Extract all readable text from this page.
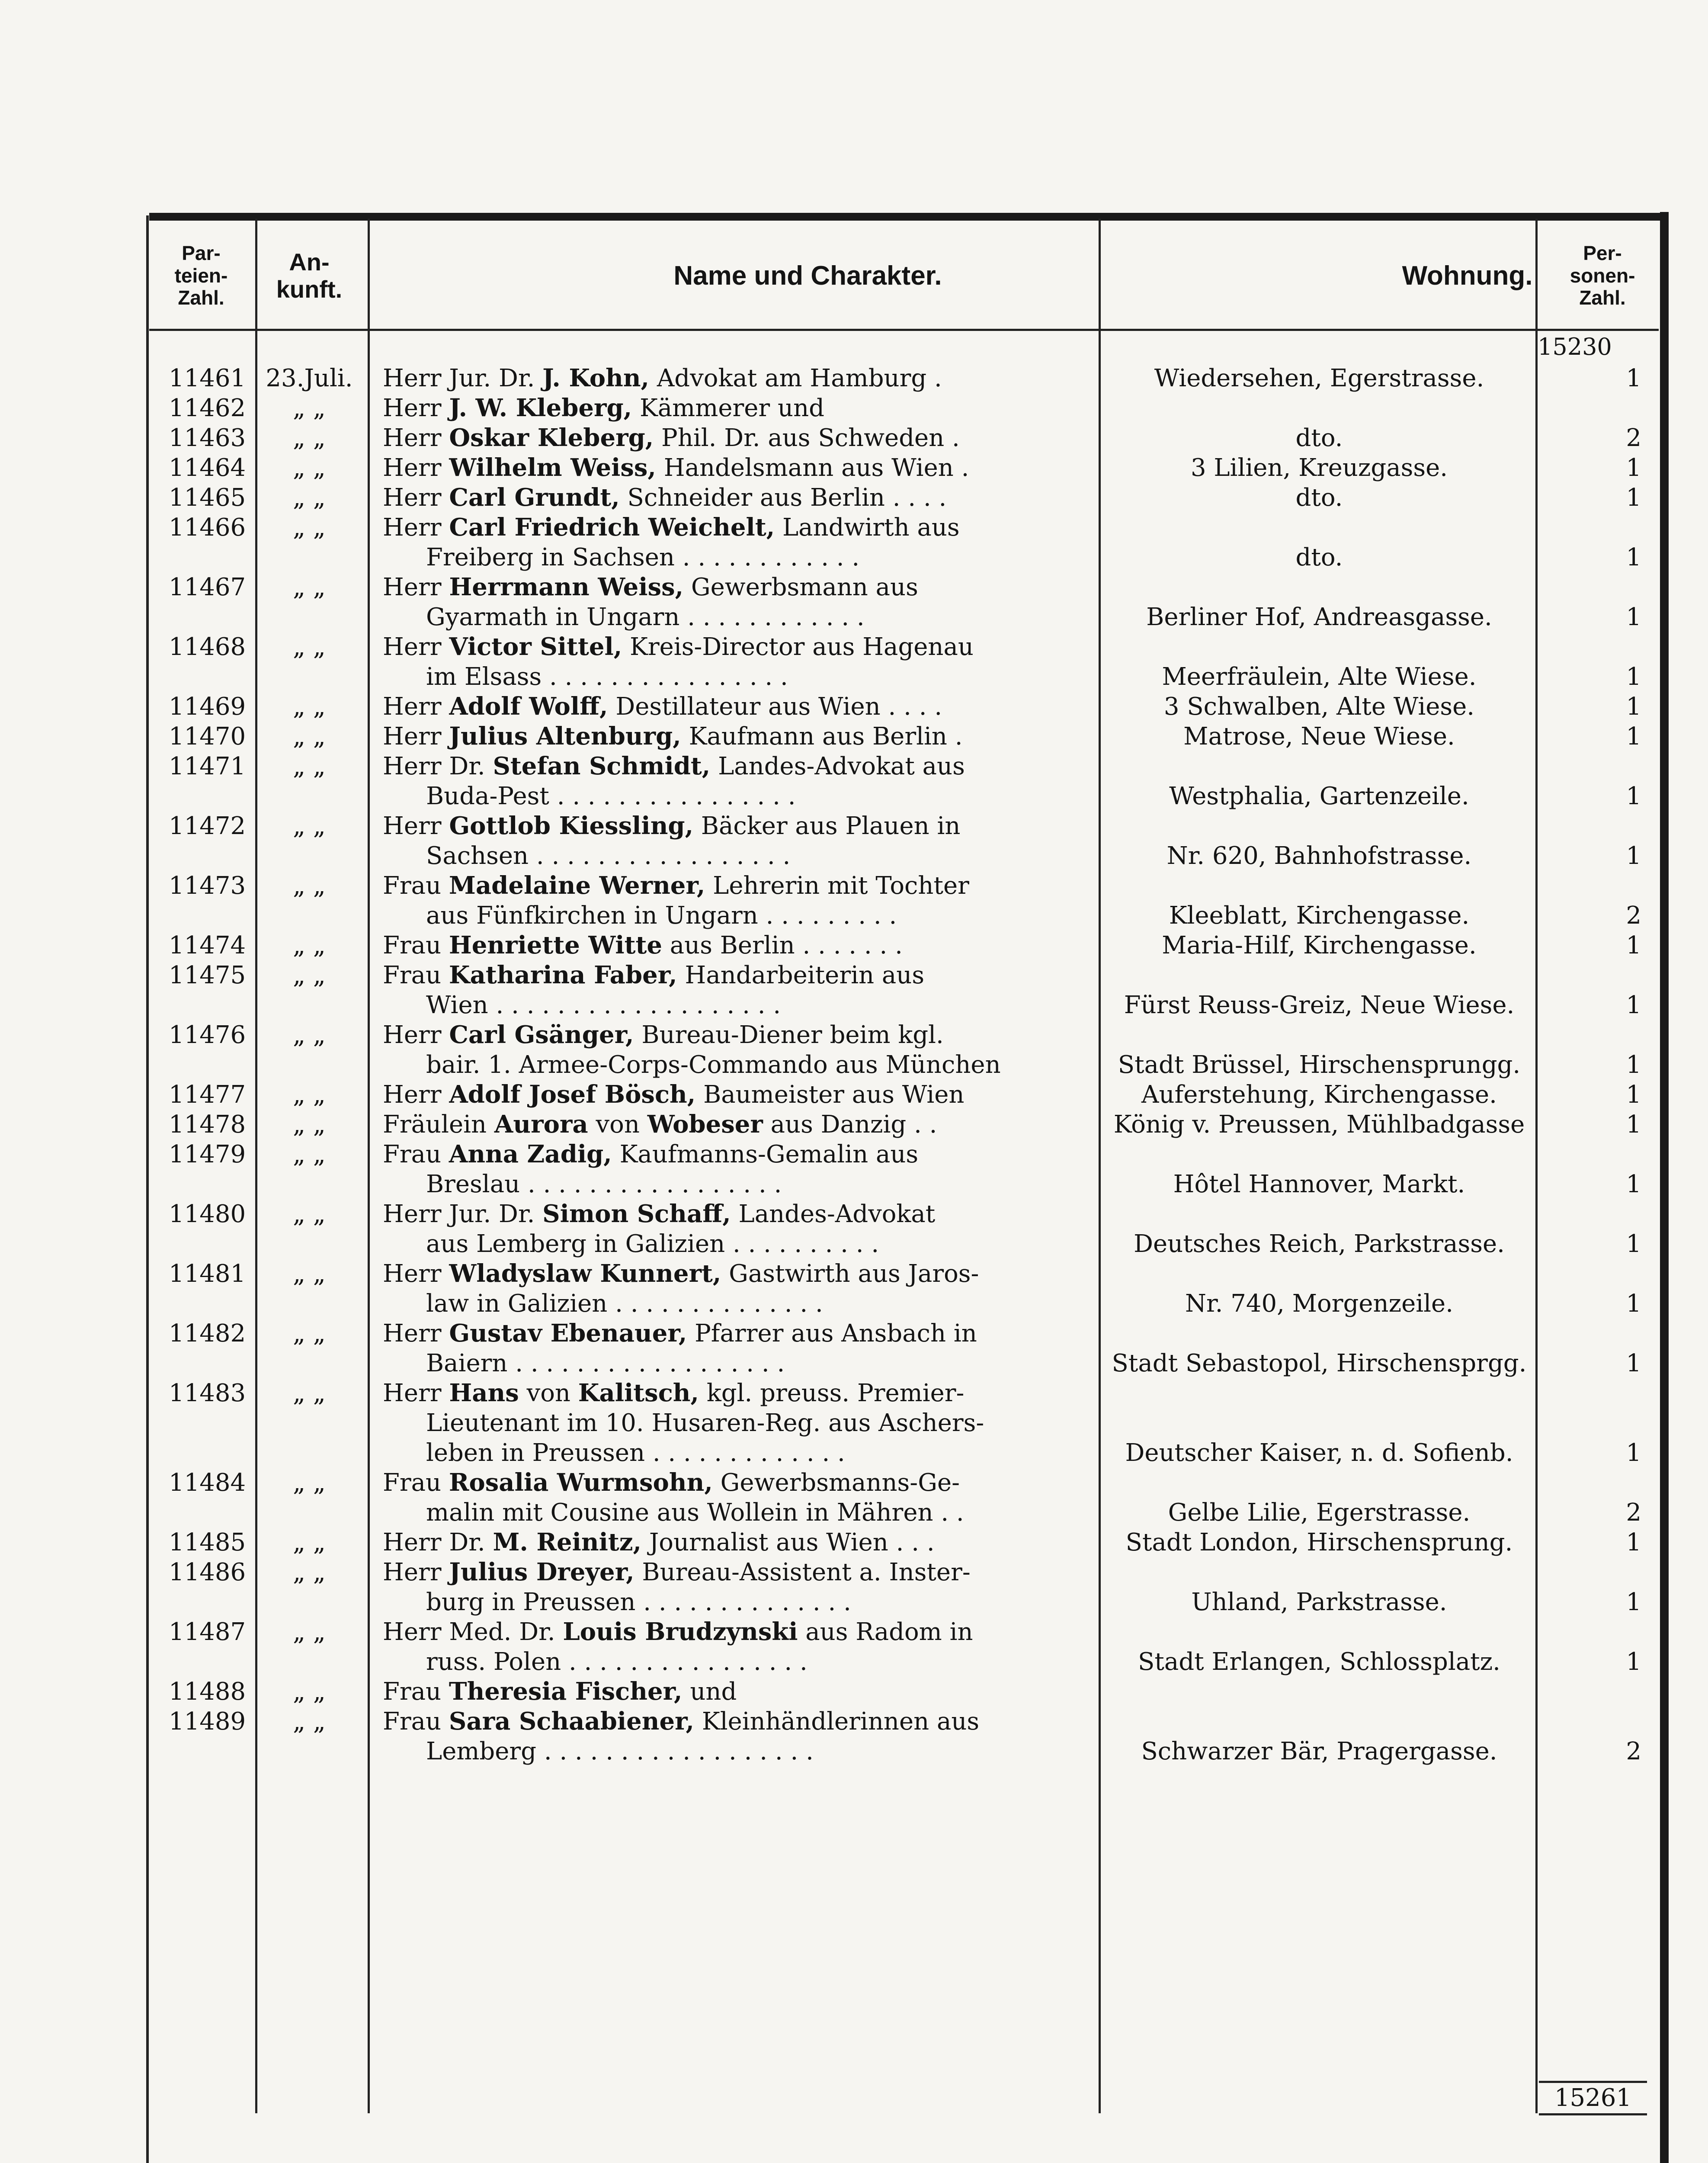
Par-
teien-
Zahl.
An-
kunft.	Name und Charakter.	Wohnung.
Per-
sonen-
Zahl.
15230
11461 23.Juli.	Herr Jur. Dr. J. Kohn, Advokat am Hamburg .	Wiedersehen, Egerstrasse.	1
11462	„ „	Herr J. W. Kleberg, Kämmerer und
11463	„ „	Herr Oskar Kleberg, Phil. Dr. aus Schweden .	dto.	2
11464	„ „	Herr Wilhelm Weiss, Handelsmann aus Wien .	3 Lilien, Kreuzgasse.	1
11465	„ „	Herr Carl Grundt, Schneider aus Berlin . . . .	dto.	1
11466	„ „	Herr Carl Friedrich Weichelt, Landwirth aus
Freiberg in Sachsen . . . . . . . . . . . .	dto.	1
11467	„ „	Herr Herrmann Weiss, Gewerbsmann aus
Gyarmath in Ungarn . . . . . . . . . . . .	Berliner Hof, Andreasgasse.	1
11468	„ „	Herr Victor Sittel, Kreis-Director aus Hagenau
im Elsass . . . . . . . . . . . . . . . .	Meerfräulein, Alte Wiese.	1
11469	„ „	Herr Adolf Wolff, Destillateur aus Wien . . . .	3 Schwalben, Alte Wiese.	1
11470	„ „	Herr Julius Altenburg, Kaufmann aus Berlin .	Matrose, Neue Wiese.	1
11471	„ „	Herr Dr. Stefan Schmidt, Landes-Advokat aus
Buda-Pest . . . . . . . . . . . . . . . .	Westphalia, Gartenzeile.	1
11472	„ „	Herr Gottlob Kiessling, Bäcker aus Plauen in
Sachsen . . . . . . . . . . . . . . . . .	Nr. 620, Bahnhofstrasse.	1
11473	„ „	Frau Madelaine Werner, Lehrerin mit Tochter
aus Fünfkirchen in Ungarn . . . . . . . . .	Kleeblatt, Kirchengasse.	2
11474	„ „	Frau Henriette Witte aus Berlin . . . . . . .	Maria-Hilf, Kirchengasse.	1
11475	„ „	Frau Katharina Faber, Handarbeiterin aus
Wien . . . . . . . . . . . . . . . . . . .	Fürst Reuss-Greiz, Neue Wiese.	1
11476	„ „	Herr Carl Gsänger, Bureau-Diener beim kgl.
bair. 1. Armee-Corps-Commando aus München	Stadt Brüssel, Hirschensprungg.	1
11477	„ „	Herr Adolf Josef Bösch, Baumeister aus Wien	Auferstehung, Kirchengasse.	1
11478	„ „	Fräulein Aurora von Wobeser aus Danzig . .	König v. Preussen, Mühlbadgasse	1
11479	„ „	Frau Anna Zadig, Kaufmanns-Gemalin aus
Breslau . . . . . . . . . . . . . . . . .	Hôtel Hannover, Markt.	1
11480	„ „	Herr Jur. Dr. Simon Schaff, Landes-Advokat
aus Lemberg in Galizien . . . . . . . . . .	Deutsches Reich, Parkstrasse.	1
11481	„ „	Herr Wladyslaw Kunnert, Gastwirth aus Jaros-
law in Galizien . . . . . . . . . . . . . .	Nr. 740, Morgenzeile.	1
11482	„ „	Herr Gustav Ebenauer, Pfarrer aus Ansbach in
Baiern . . . . . . . . . . . . . . . . . .	Stadt Sebastopol, Hirschensprgg.	1
11483	„ „	Herr Hans von Kalitsch, kgl. preuss. Premier-
Lieutenant im 10. Husaren-Reg. aus Aschers-
leben in Preussen . . . . . . . . . . . . .	Deutscher Kaiser, n. d. Sofienb.	1
11484	„ „	Frau Rosalia Wurmsohn, Gewerbsmanns-Ge-
malin mit Cousine aus Wollein in Mähren . .	Gelbe Lilie, Egerstrasse.	2
11485	„ „	Herr Dr. M. Reinitz, Journalist aus Wien . . .	Stadt London, Hirschensprung.	1
11486	„ „	Herr Julius Dreyer, Bureau-Assistent a. Inster-
burg in Preussen . . . . . . . . . . . . . .	Uhland, Parkstrasse.	1
11487	„ „	Herr Med. Dr. Louis Brudzynski aus Radom in
russ. Polen . . . . . . . . . . . . . . . .	Stadt Erlangen, Schlossplatz.	1
11488	„ „	Frau Theresia Fischer, und
11489	„ „	Frau Sara Schaabiener, Kleinhändlerinnen aus
Lemberg . . . . . . . . . . . . . . . . . .	Schwarzer Bär, Pragergasse.	2
15261
